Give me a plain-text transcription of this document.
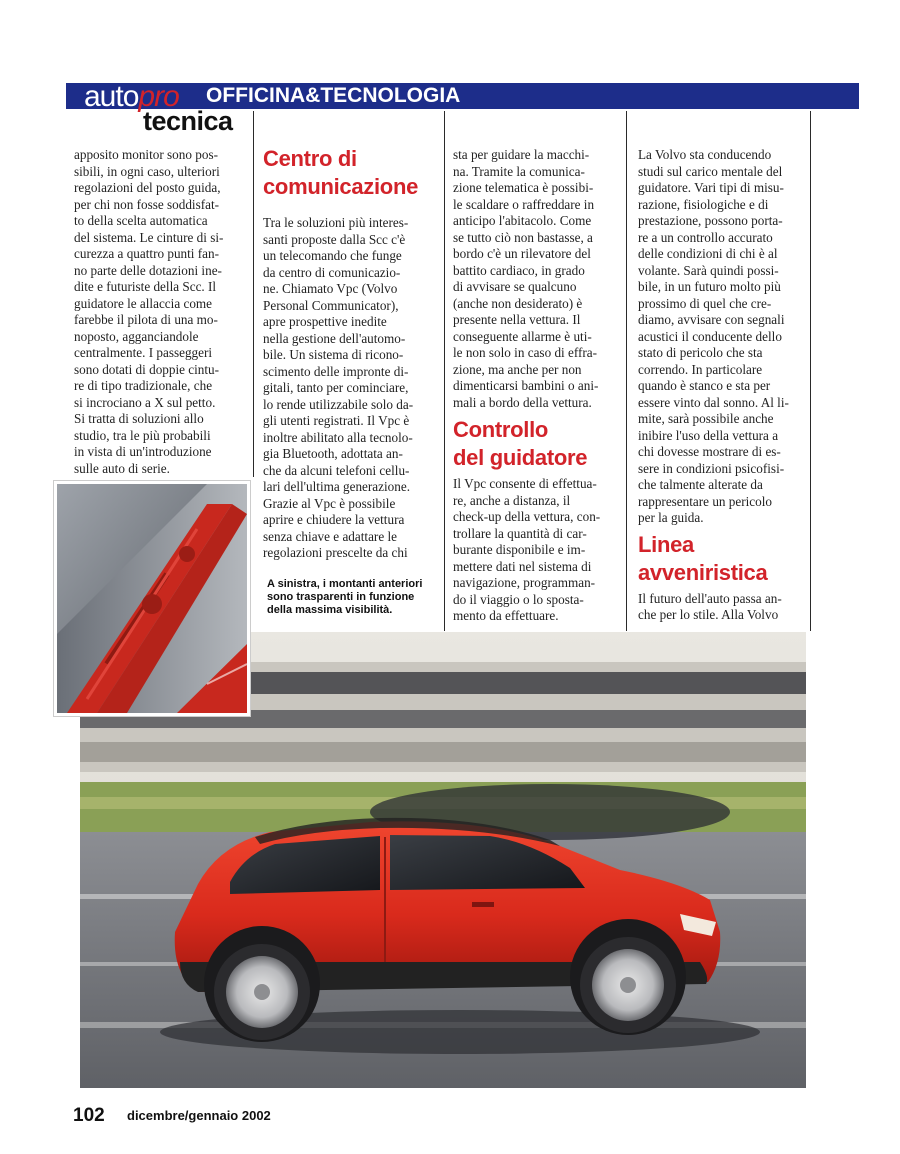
auto pro OFFICINA&TECNOLOGIA
tecnica
apposito monitor sono pos-
sibili, in ogni caso, ulteriori
regolazioni del posto guida,
per chi non fosse soddisfat-
to della scelta automatica
del sistema. Le cinture di si-
curezza a quattro punti fan-
no parte delle dotazioni ine-
dite e futuriste della Scc. Il
guidatore le allaccia come
farebbe il pilota di una mo-
noposto, agganciandole
centralmente. I passeggeri
sono dotati di doppie cintu-
re di tipo tradizionale, che
si incrociano a X sul petto.
Si tratta di soluzioni allo
studio, tra le più probabili
in vista di un'introduzione
sulle auto di serie.
Centro di
comunicazione
Tra le soluzioni più interes-
santi proposte dalla Scc c'è
un telecomando che funge
da centro di comunicazio-
ne. Chiamato Vpc (Volvo
Personal Communicator),
apre prospettive inedite
nella gestione dell'automo-
bile. Un sistema di ricono-
scimento delle impronte di-
gitali, tanto per cominciare,
lo rende utilizzabile solo da-
gli utenti registrati. Il Vpc è
inoltre abilitato alla tecnolo-
gia Bluetooth, adottata an-
che da alcuni telefoni cellu-
lari dell'ultima generazione.
Grazie al Vpc è possibile
aprire e chiudere la vettura
senza chiave e adattare le
regolazioni prescelte da chi
A sinistra, i montanti anteriori
sono trasparenti in funzione
della massima visibilità.
sta per guidare la macchi-
na. Tramite la comunica-
zione telematica è possibi-
le scaldare o raffreddare in
anticipo l'abitacolo. Come
se tutto ciò non bastasse, a
bordo c'è un rilevatore del
battito cardiaco, in grado
di avvisare se qualcuno
(anche non desiderato) è
presente nella vettura. Il
conseguente allarme è uti-
le non solo in caso di effra-
zione, ma anche per non
dimenticarsi bambini o ani-
mali a bordo della vettura.
Controllo
del guidatore
Il Vpc consente di effettua-
re, anche a distanza, il
check-up della vettura, con-
trollare la quantità di car-
burante disponibile e im-
mettere dati nel sistema di
navigazione, programman-
do il viaggio o lo sposta-
mento da effettuare.
La Volvo sta conducendo
studi sul carico mentale del
guidatore. Vari tipi di misu-
razione, fisiologiche e di
prestazione, possono porta-
re a un controllo accurato
delle condizioni di chi è al
volante. Sarà quindi possi-
bile, in un futuro molto più
prossimo di quel che cre-
diamo, avvisare con segnali
acustici il conducente dello
stato di pericolo che sta
correndo. In particolare
quando è stanco e sta per
essere vinto dal sonno. Al li-
mite, sarà possibile anche
inibire l'uso della vettura a
chi dovesse mostrare di es-
sere in condizioni psicofisi-
che talmente alterate da
rappresentare un pericolo
per la guida.
Linea
avveniristica
Il futuro dell'auto passa an-
che per lo stile. Alla Volvo
102 dicembre/gennaio 2002
